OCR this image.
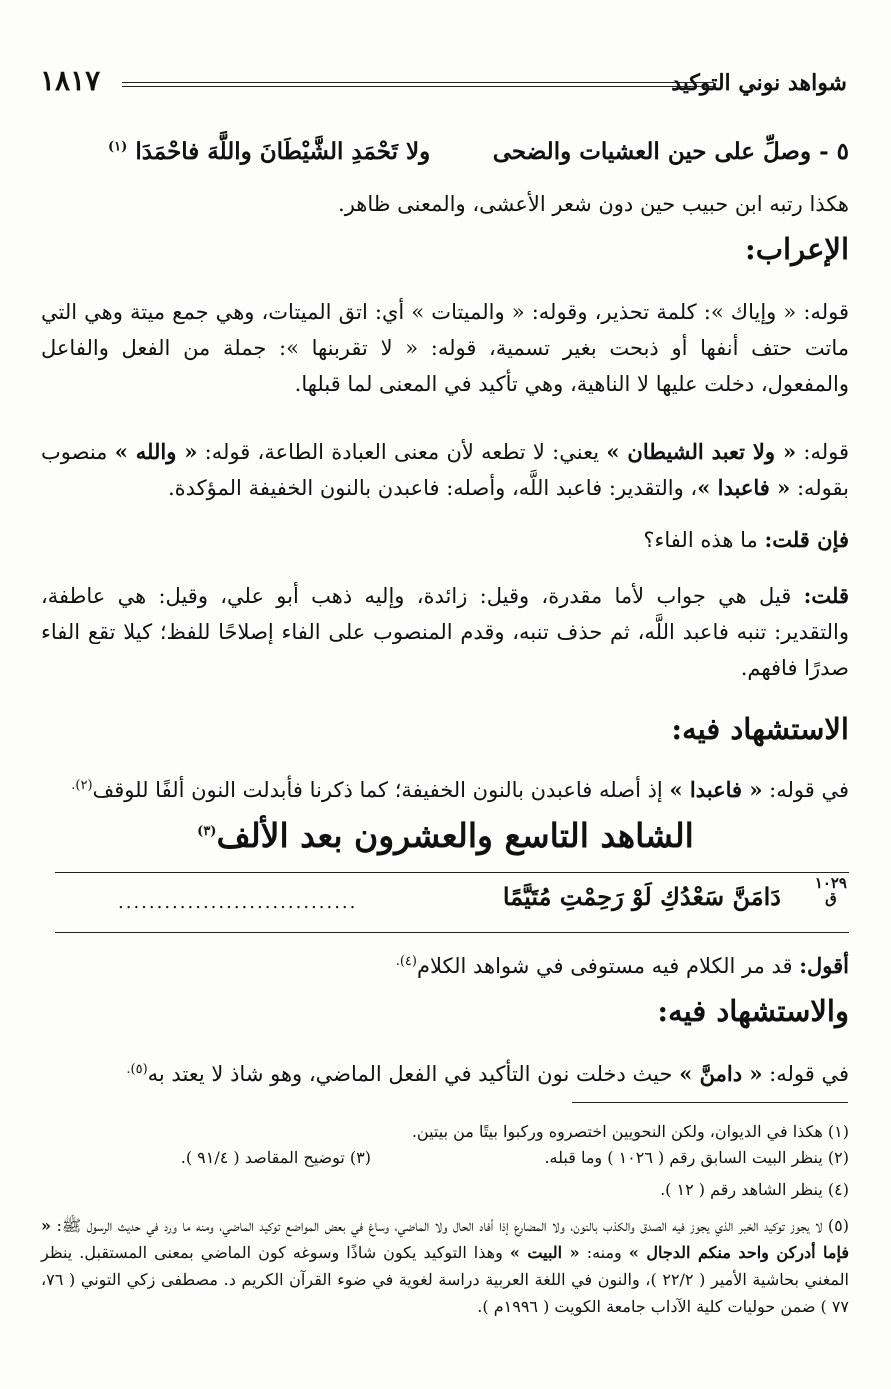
شواهد نوني التوكيد
١٨١٧
٥ - وصلِّ على حين العشيات والضحى
ولا تَحْمَدِ الشَّيْطَانَ واللَّهَ فاحْمَدَا $^{(١)}$
هكذا رتبه ابن حبيب حين دون شعر الأعشى، والمعنى ظاهر.
الإعراب:
قوله: « وإياك »: كلمة تحذير، وقوله: « والميتات » أي: اتق الميتات، وهي جمع ميتة وهي التي ماتت حتف أنفها أو ذبحت بغير تسمية، قوله: « لا تقربنها »: جملة من الفعل والفاعل والمفعول، دخلت عليها لا الناهية، وهي تأكيد في المعنى لما قبلها.
قوله: « ولا تعبد الشيطان » يعني: لا تطعه لأن معنى العبادة الطاعة، قوله: « والله » منصوب بقوله: « فاعبدا »، والتقدير: فاعبد اللَّه، وأصله: فاعبدن بالنون الخفيفة المؤكدة.
فإن قلت: ما هذه الفاء؟
قلت: قيل هي جواب لأما مقدرة، وقيل: زائدة، وإليه ذهب أبو علي، وقيل: هي عاطفة، والتقدير: تنبه فاعبد اللَّه، ثم حذف تنبه، وقدم المنصوب على الفاء إصلاحًا للفظ؛ كيلا تقع الفاء صدرًا فافهم.
الاستشهاد فيه:
في قوله: « فاعبدا » إذ أصله فاعبدن بالنون الخفيفة؛ كما ذكرنا فأبدلت النون ألفًا للوقف$^{(٢).}$
الشاهد التاسع والعشرون بعد الألف$^{(٣)}$
١٠٢٩
ق
دَامَنَّ سَعْدُكِ لَوْ رَحِمْتِ مُتَيَّمًا
...............................
أقول: قد مر الكلام فيه مستوفى في شواهد الكلام$^{(٤).}$
والاستشهاد فيه:
في قوله: « دامنَّ » حيث دخلت نون التأكيد في الفعل الماضي، وهو شاذ لا يعتد به$^{(٥).}$
(١) هكذا في الديوان، ولكن النحويين اختصروه وركبوا بيتًا من بيتين.
(٢) ينظر البيت السابق رقم ( ١٠٢٦ ) وما قبله.
(٣) توضيح المقاصد ( ٩١/٤ ).
(٤) ينظر الشاهد رقم ( ١٢ ).
(٥) لا يجوز توكيد الخبر الذي يجوز فيه الصدق والكذب بالنون، ولا المضارع إذا أفاد الحال ولا الماضي، وساغ في بعض المواضع توكيد الماضي، ومنه ما ورد في حديث الرسول ﷺ: « فإما أدركن واحد منكم الدجال » ومنه: « البيت » وهذا التوكيد يكون شاذًا وسوغه كون الماضي بمعنى المستقبل. ينظر المغني بحاشية الأمير ( ٢٢/٢ )، والنون في اللغة العربية دراسة لغوية في ضوء القرآن الكريم د. مصطفى زكي التوني ( ٧٦، ٧٧ ) ضمن حوليات كلية الآداب جامعة الكويت ( ١٩٩٦م ).
